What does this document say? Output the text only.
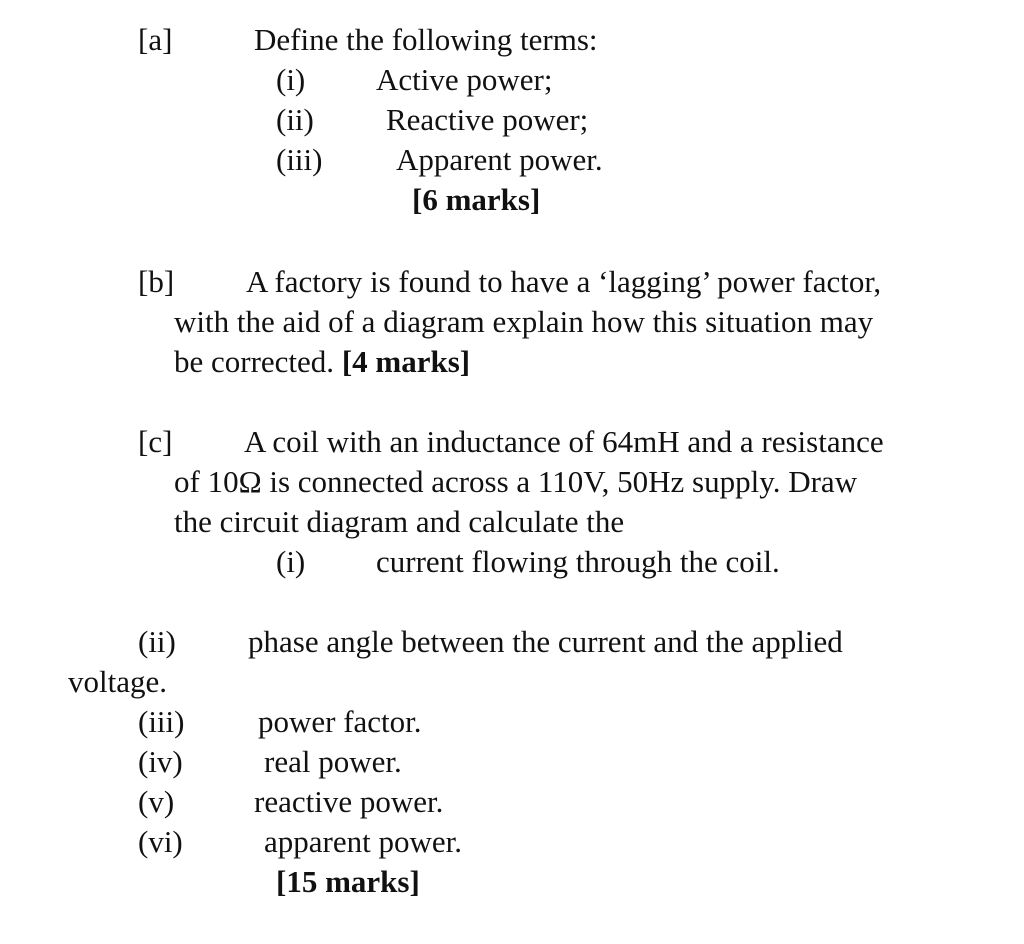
[a]	Define the following terms:
(i) Active power;
(ii) Reactive power;
(iii) Apparent power.
[6 marks]
[b] A factory is found to have a ‘lagging’ power factor,
with the aid of a diagram explain how this situation may
be corrected. [4 marks]
[c] A coil with an inductance of 64mH and a resistance
of 10Ω is connected across a 110V, 50Hz supply. Draw
the circuit diagram and calculate the
(i) current flowing through the coil.
(ii) phase angle between the current and the applied
voltage.
(iii) power factor.
(iv)	real power.
(v)	reactive power.
(vi)	apparent power.
[15 marks]
